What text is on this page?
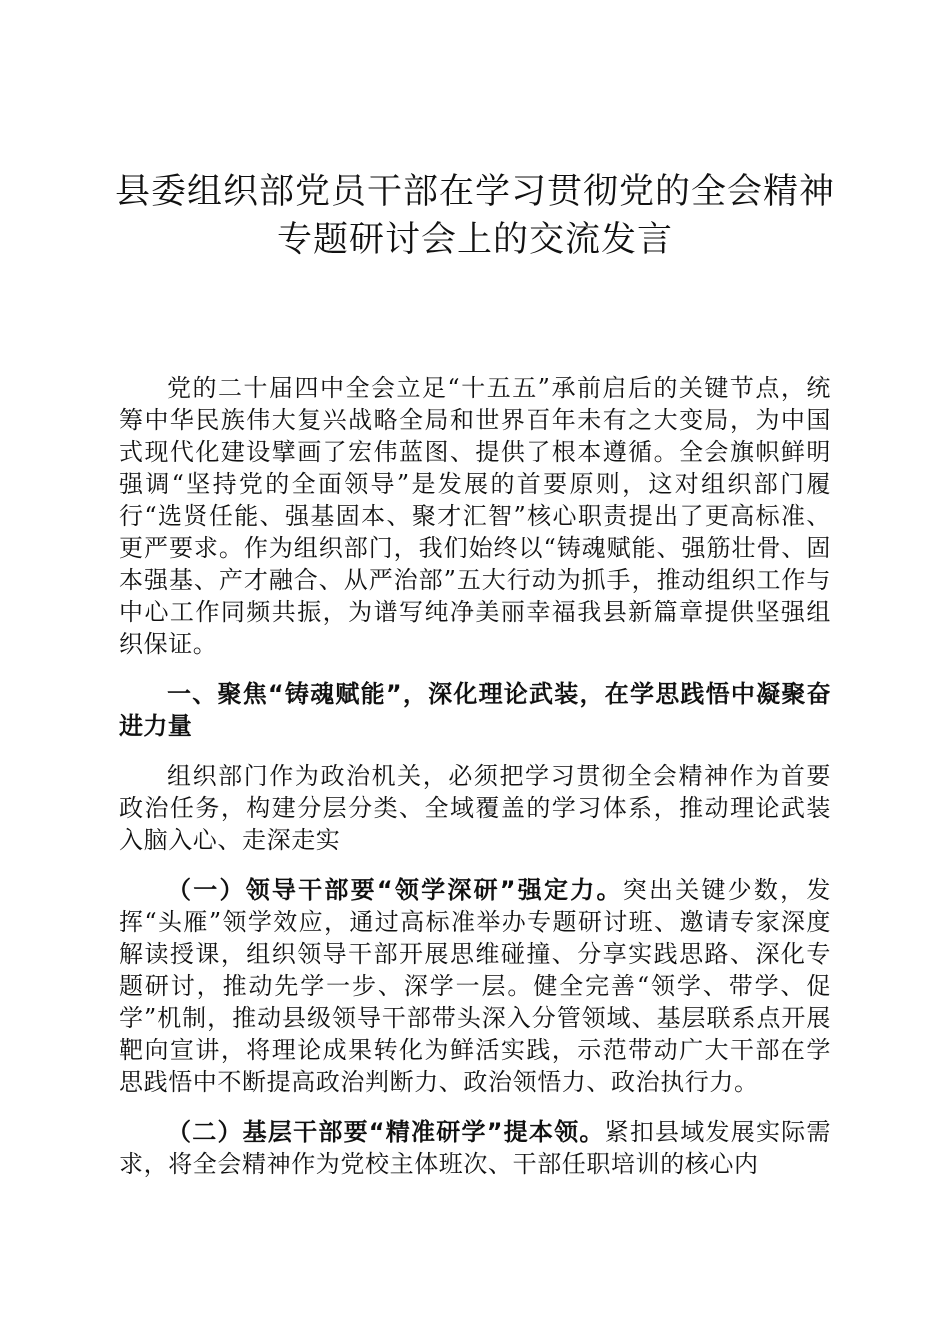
县委组织部党员干部在学习贯彻党的全会精神
专题研讨会上的交流发言

党的二十届四中全会立足“十五五”承前启后的关键节点，统筹中华民族伟大复兴战略全局和世界百年未有之大变局，为中国式现代化建设擘画了宏伟蓝图、提供了根本遵循。全会旗帜鲜明强调“坚持党的全面领导”是发展的首要原则，这对组织部门履行“选贤任能、强基固本、聚才汇智”核心职责提出了更高标准、更严要求。作为组织部门，我们始终以“铸魂赋能、强筋壮骨、固本强基、产才融合、从严治部”五大行动为抓手，推动组织工作与中心工作同频共振，为谱写纯净美丽幸福我县新篇章提供坚强组织保证。

一、聚焦“铸魂赋能”，深化理论武装，在学思践悟中凝聚奋进力量

组织部门作为政治机关，必须把学习贯彻全会精神作为首要政治任务，构建分层分类、全域覆盖的学习体系，推动理论武装入脑入心、走深走实

（一）领导干部要“领学深研”强定力。突出关键少数，发挥“头雁”领学效应，通过高标准举办专题研讨班、邀请专家深度解读授课，组织领导干部开展思维碰撞、分享实践思路、深化专题研讨，推动先学一步、深学一层。健全完善“领学、带学、促学”机制，推动县级领导干部带头深入分管领域、基层联系点开展靶向宣讲，将理论成果转化为鲜活实践，示范带动广大干部在学思践悟中不断提高政治判断力、政治领悟力、政治执行力。

（二）基层干部要“精准研学”提本领。紧扣县域发展实际需求，将全会精神作为党校主体班次、干部任职培训的核心内
